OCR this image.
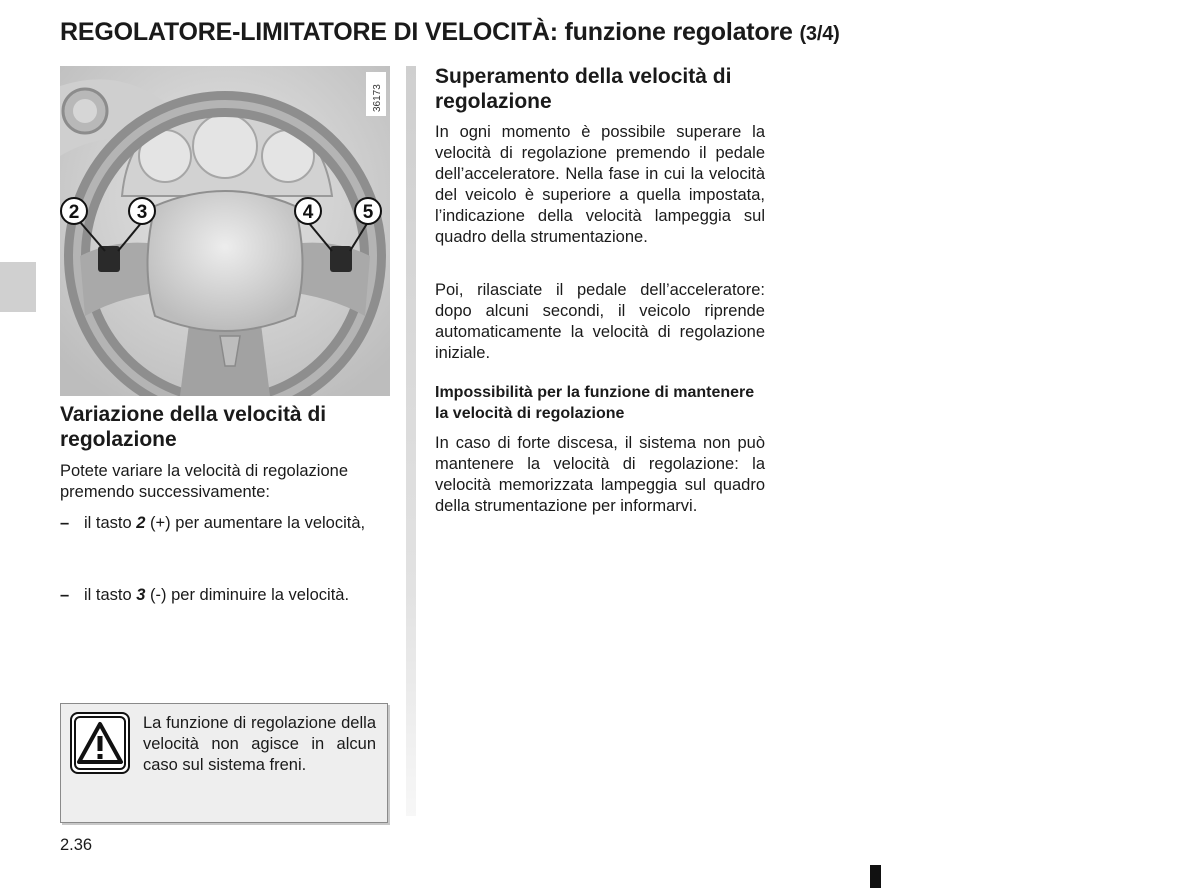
REGOLATORE-LIMITATORE DI VELOCITÀ: funzione regolatore (3/4)
2	3	4	5
36173
Variazione della velocità di regolazione
Potete variare la velocità di regolazione premendo successivamente:
– il tasto 2 (+) per aumentare la velocità,
– il tasto 3 (-) per diminuire la velocità.
La funzione di regolazione della velocità non agisce in alcun caso sul sistema freni.
Superamento della velocità di regolazione
In ogni momento è possibile superare la velocità di regolazione premendo il pedale dell’acceleratore. Nella fase in cui la velocità del veicolo è superiore a quella impostata, l’indicazione della velocità lampeggia sul quadro della strumentazione.
Poi, rilasciate il pedale dell’acceleratore: dopo alcuni secondi, il veicolo riprende automaticamente la velocità di regolazione iniziale.
Impossibilità per la funzione di mantenere la velocità di regolazione
In caso di forte discesa, il sistema non può mantenere la velocità di regolazione: la velocità memorizzata lampeggia sul quadro della strumentazione per informarvi.
2.36
